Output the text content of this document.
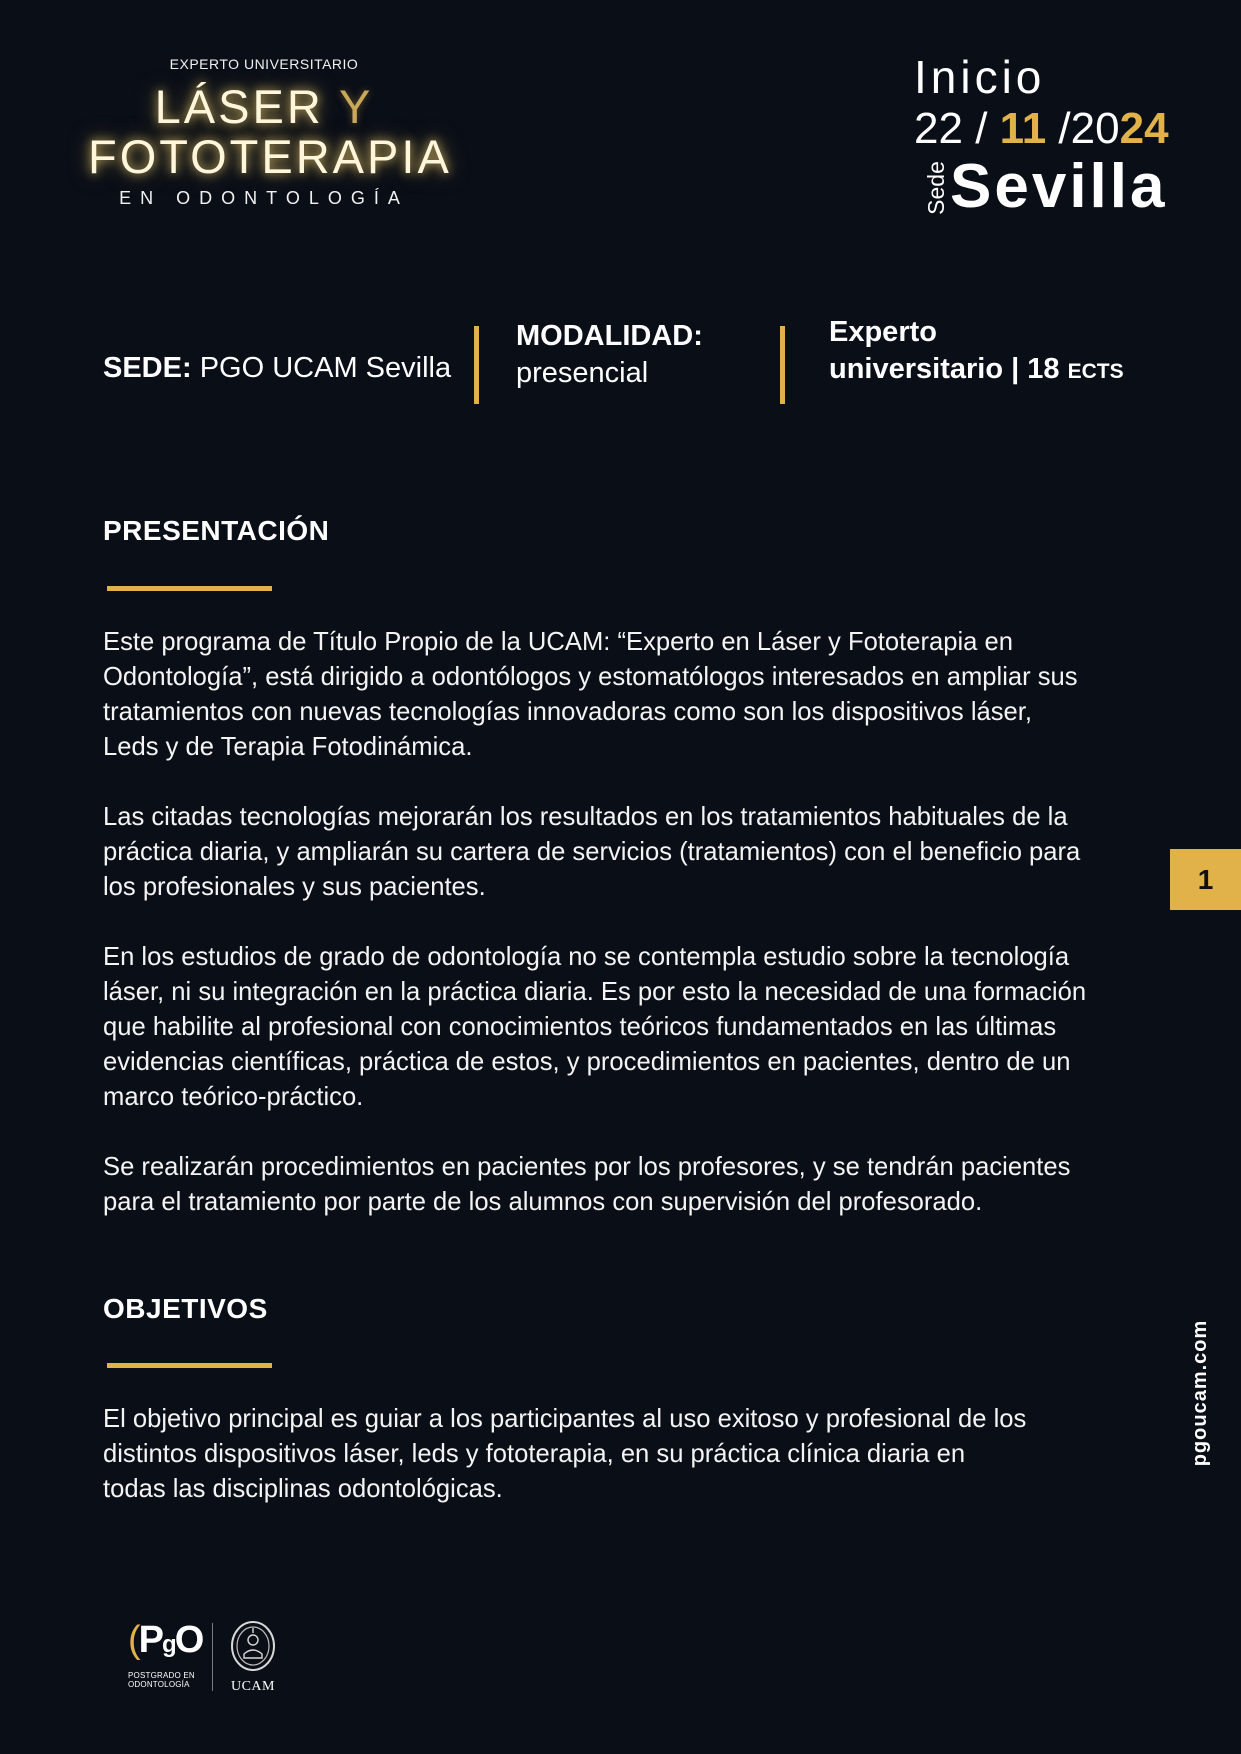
EXPERTO UNIVERSITARIO
LÁSER Y
FOTOTERAPIA
EN ODONTOLOGÍA
Inicio
22 / 11 /2024
Sede Sevilla
SEDE: PGO UCAM Sevilla
MODALIDAD:
presencial
Experto
universitario | 18 ECTS
PRESENTACIÓN

Este programa de Título Propio de la UCAM: “Experto en Láser y Fototerapia en Odontología”, está dirigido a odontólogos y estomatólogos interesados en ampliar sus tratamientos con nuevas tecnologías innovadoras como son los dispositivos láser, Leds y de Terapia Fotodinámica.

Las citadas tecnologías mejorarán los resultados en los tratamientos habituales de la práctica diaria, y ampliarán su cartera de servicios (tratamientos) con el beneficio para los profesionales y sus pacientes.

En los estudios de grado de odontología no se contempla estudio sobre la tecnología láser, ni su integración en la práctica diaria. Es por esto la necesidad de una formación que habilite al profesional con conocimientos teóricos fundamentados en las últimas evidencias científicas, práctica de estos, y procedimientos en pacientes, dentro de un marco teórico-práctico.

Se realizarán procedimientos en pacientes por los profesores, y se tendrán pacientes para el tratamiento por parte de los alumnos con supervisión del profesorado.

OBJETIVOS

El objetivo principal es guiar a los participantes al uso exitoso y profesional de los distintos dispositivos láser, leds y fototerapia, en su práctica clínica diaria en todas las disciplinas odontológicas.

1
pgoucam.com
(PgO
POSTGRADO EN
ODONTOLOGÍA	UCAM
